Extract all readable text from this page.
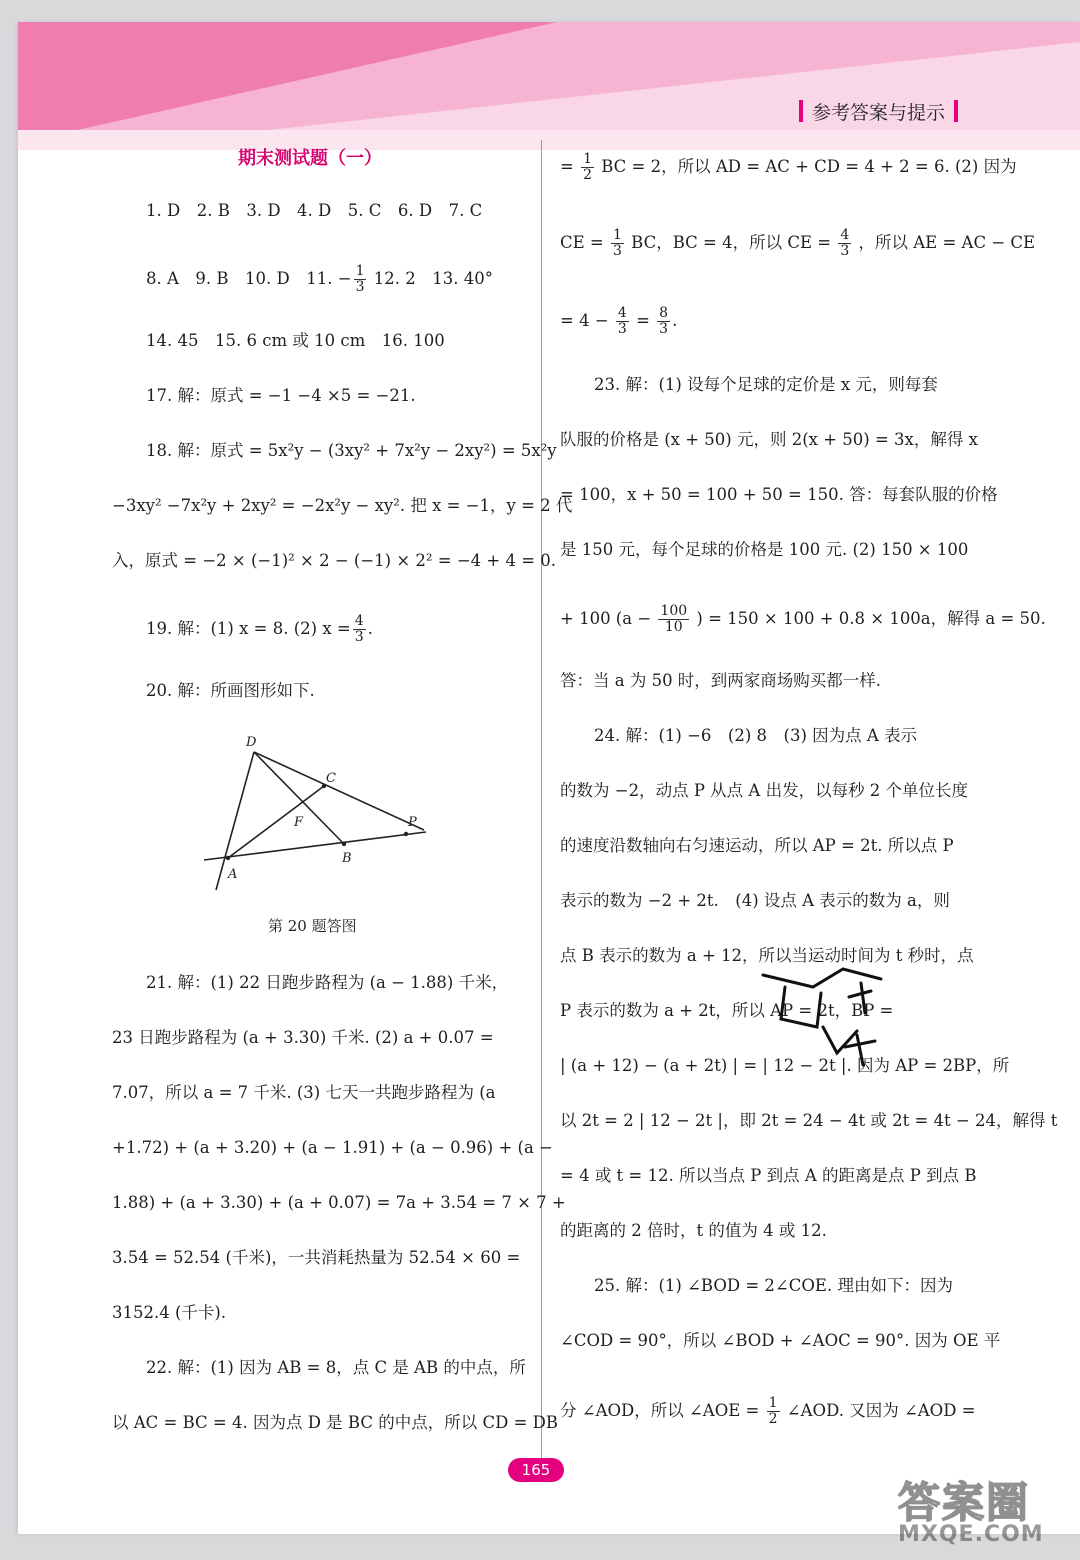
参考答案与提示
期末测试题（一）
1. D　2. B　3. D　4. D　5. C　6. D　7. C
8. A　9. B　10. D　11. − $\frac{1}{3} 12$. 2　13. 40°
14. 45　15. 6 cm 或 10 cm　16. 100
17. 解：原式 = −1 −4 ×5 = −21.
18. 解：原式 = 5x²y − (3xy² + 7x²y − 2xy²) = 5x²y
−3xy² −7x²y + 2xy² = −2x²y − xy². 把 x = −1，y = 2 代
入，原式 = −2 × (−1)² × 2 − (−1) × 2² = −4 + 4 = 0.
19. 解：(1) x = 8. (2) $x = \frac{4}{3}$ .
20. 解：所画图形如下.
D
C
F	P
A
B
第 20 题答图
21. 解：(1) 22 日跑步路程为 (a − 1.88) 千米，
23 日跑步路程为 (a + 3.30) 千米. (2) a + 0.07 =
7.07，所以 a = 7 千米. (3) 七天一共跑步路程为 (a
+1.72) + (a + 3.20) + (a − 1.91) + (a − 0.96) + (a −
1.88) + (a + 3.30) + (a + 0.07) = 7a + 3.54 = 7 × 7 +
3.54 = 52.54 (千米)，一共消耗热量为 52.54 × 60 =
3152.4 (千卡).
22. 解：(1) 因为 AB = 8，点 C 是 AB 的中点，所
以 AC = BC = 4. 因为点 D 是 BC 的中点，所以 CD = DB
= $\frac{1}{2}$ BC = 2，所以 AD = AC + CD = 4 + 2 = 6. (2) 因为
CE = $\frac{1}{3}$ BC，BC = 4，所以 CE = $\frac{4}{3}$ ，所以 AE = AC − CE
= $4 - \frac{4}{3} = \frac{8}{3}$ .
23. 解：(1) 设每个足球的定价是 x 元，则每套
队服的价格是 (x + 50) 元，则 2(x + 50) = 3x，解得 x
= 100，x + 50 = 100 + 50 = 150. 答：每套队服的价格
是 150 元，每个足球的价格是 100 元. (2) 150 × 100
+ 100 ($a - \frac{100}{10}$ ) = 150 × 100 + 0.8 × 100a，解得 a = 50.
答：当 a 为 50 时，到两家商场购买都一样.
24. 解：(1) −6　(2) 8　(3) 因为点 A 表示
的数为 −2，动点 P 从点 A 出发，以每秒 2 个单位长度
的速度沿数轴向右匀速运动，所以 AP = 2t. 所以点 P
表示的数为 −2 + 2t.　(4) 设点 A 表示的数为 a，则
点 B 表示的数为 a + 12，所以当运动时间为 t 秒时，点
P 表示的数为 a + 2t，所以 AP = 2t，BP =
| (a + 12) − (a + 2t) | = | 12 − 2t |. 因为 AP = 2BP，所
以 2t = 2 | 12 − 2t |，即 2t = 24 − 4t 或 2t = 4t − 24，解得 t
= 4 或 t = 12. 所以当点 P 到点 A 的距离是点 P 到点 B
的距离的 2 倍时，t 的值为 4 或 12.
25. 解：(1) ∠BOD = 2∠COE. 理由如下：因为
∠COD = 90°，所以 ∠BOD + ∠AOC = 90°. 因为 OE 平
分 ∠AOD，所以 ∠AOE = $\frac{1}{2}$ ∠AOD. 又因为 ∠AOD =
165
答案圈
MXQE.COM
